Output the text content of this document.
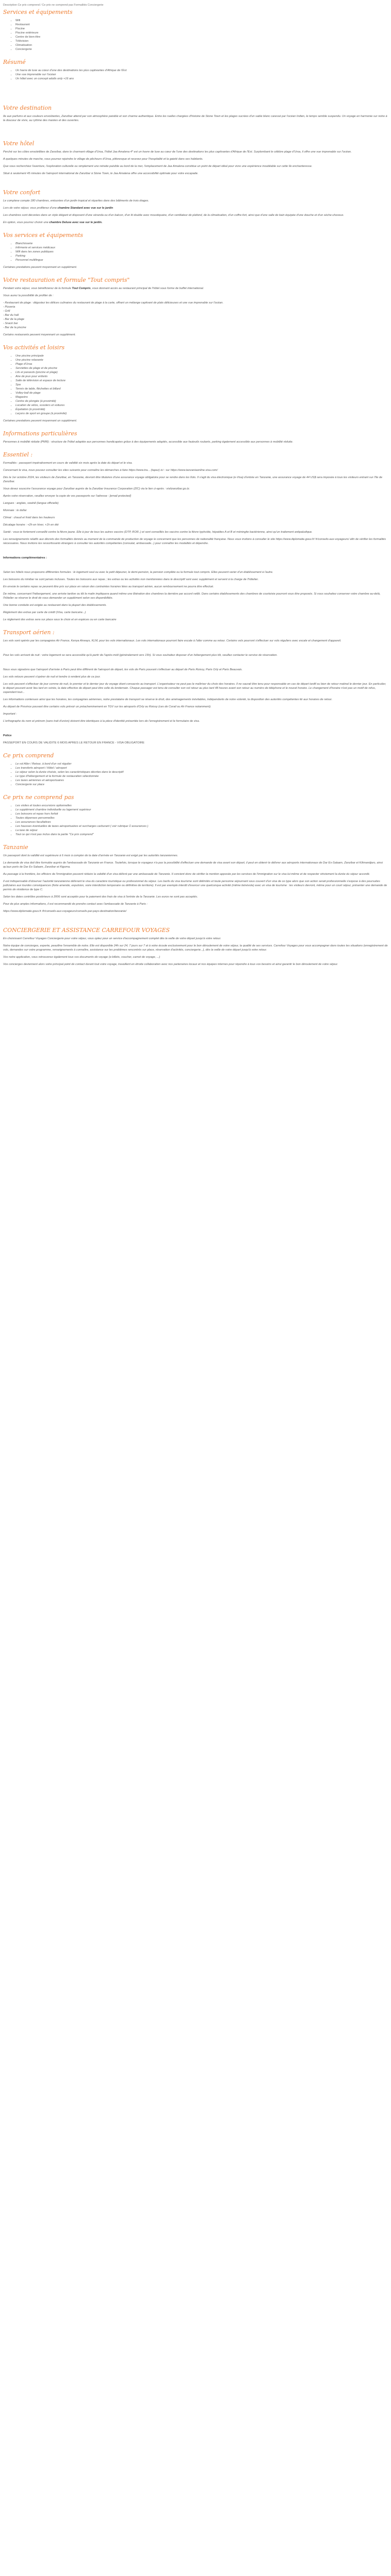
Description Ce prix comprend / Ce prix ne comprend pas Formalités Conciergerie

Services et équipements
• Wifi
• Restaurant
• Piscine
• Piscine extérieure
• Centre de bien-être
• Télévision
• Climatisation
• Conciergerie
Résumé
• Un havre de luxe au cœur d'une des destinations les plus captivantes d'Afrique de l'Est
• Une vue imprenable sur l'océan
• Un hôtel avec un concept adults only +16 ans
Votre destination

Ile aux parfums et aux couleurs envoûtantes, Zanzibar attend par son atmosphère paisible et son charme authentique. Entre les ruelles chargées d'histoire de Stone Town et les plages sucrées d'un sable blanc caressé par l'océan Indien, le temps semble suspendu. Un voyage en harmonie sur notre à la douceur de vivre, au rythme des marées et des ouvertes.

Votre hôtel

Perché sur les côtes ensoleillées de Zanzibar, dans le charmant village d'Uroa, l'hôtel Jaa Amalena 4* est un havre de luxe au cœur de l'une des destinations les plus captivantes d'Afrique de l'Est. Surplombant le célèbre plage d'Uroa, il offre une vue imprenable sur l'océan.

A quelques minutes de marche, vous pourrez rejoindre le village de pêcheurs d'Uroa, pittoresque et recevez pour l'hospitalité et la gaieté dans ses habitants.

Que vous recherchiez l'aventure, l'exploration culturelle ou simplement une retraite paisible au bord de la mer, l'emplacement de Jaa Amalena constitue un point de départ idéal pour vivre une expérience inoubliable sur cette île enchanteresse.

Situé à seulement 45 minutes de l'aéroport international de Zanzibar à Stone Town, le Jaa Amalena offre une accessibilité optimale pour votre escapade.

Votre confort

Le complexe compte 180 chambres, entourées d'un jardin tropical et réparties dans des bâtiments de trois étages.

Lors de votre séjour, vous profiterez d'une chambre Standard avec vue sur le jardin

Les chambres sont décorées dans un style élégant et disposent d'une véranda ou d'un balcon, d'un lit double avec moustiquaire, d'un ventilateur de plafond, de la climatisation, d'un coffre-fort, ainsi que d'une salle de bain équipée d'une douche et d'un sèche-cheveux.

En option, vous pourrez choisir une chambre Deluxe avec vue sur le jardin.

Vos services et équipements
• Blanchisserie
• Infirmerie et services médicaux
• Wifi dans les zones publiques
• Parking
• Personnel multilingue

Certaines prestations peuvent moyennant un supplément.

Votre restauration et formule "Tout compris"

Pendant votre séjour, vous bénéficierez de la formule Tout Compris, vous donnant accès au restaurant principal de l'hôtel sous forme de buffet international.

Vous aurez la possibilité de profiter de :

- Restaurant de plage : dégustez les délices culinaires du restaurant de plage à la carte, offrant un mélange captivant de plats délicieuses et une vue imprenable sur l'océan.
- Pizzeria
- Grill
- Bar du hall
- Bar de la plage
- Snack bar
- Bar de la piscine

Certains restaurants peuvent moyennant un supplément.

Vos activités et loisirs
• Une piscine principale
• Une piscine relaxante
• Plage d'Uroa
• Serviettes de plage et de piscine
• Lits et parasols (piscine et plage)
• Aire de jeux pour enfants
• Salle de télévision et espace de lecture
• Spa
• Tennis de table, fléchettes et billard
• Volley-ball de plage
• Magasins
• Centre de plongée (à proximité)
• Location de vélos, scooters et voitures
• Équitation (à proximité)
• Leçons de sport en groupe (à proximité)

Certaines prestations peuvent moyennant un supplément.

Informations particulières

Personnes à mobilité réduite (PMR) : structure de l'hôtel adaptée aux personnes handicapées grâce à des équipements adaptés, accessible aux fauteuils roulants, parking également accessible aux personnes à mobilité réduite.

Essentiel :

Formalités : passeport impérativement en cours de validité six mois après la date du départ et le visa.

Concernant le visa, nous pouvez consulter les sites suivants pour connaître les démarches à faire https://www.tra... (tapez) ici : sur https://www.tanzaniaonline.visa.com/

Dès le 1er octobre 2024, les visiteurs de Zanzibar, en Tanzanie, devront être titulaires d'une assurance voyage obligatoire pour se rendre dans les îlots. Il s'agit du visa électronique (e-Visa) d'entrée en Tanzanie, une assurance voyage de 44 US$ sera imposée à tous les visiteurs entrant sur l'île de Zanzibar.

Vous devez souscrire l'assurance voyage pour Zanzibar auprès de la Zanzibar Insurance Corporation (ZIC) via le lien ci-après : visitzanzibar.go.tz.

Après votre réservation, veuillez envoyer la copie de vos passeports sur l'adresse : [email protected]

Langues : anglais, swahili (langue officielle)

Monnaie : le dollar

Climat : chaud et froid dans les hauteurs

Décalage horaire : +2h en hiver, +1h en été

Santé : vous-ie fortement conseillé contre la fièvre jaune. Elle à jour de tous les autres vaccins (DTP, ROR..) et sont conseillés les vaccins contre la fièvre typhoïde, hépatites A et B et méningite bactérienne, ainsi qu'un traitement antipaludique.

Les renseignements relatifs aux décrets des formalités donnés au moment de la commande de production de voyage le concernent que les personnes de nationalité française. Nous vous invitons à consulter le site https://www.diplomatie.gouv.fr/ fr/conseils-aux-voyageurs/ afin de vérifier les formalités nécessaires. Nous invitons les ressortissants étrangers à consulter les autorités compétentes (consulat, ambassade...) pour connaître les modalités et dépendre.

Informations complémentaires :

Selon les hôtels nous proposons différentes formules : le logement seul ou avec le petit déjeuner, le demi-pension, la pension complète ou la formule tout compris. Elles peuvent varier d'un établissement à l'autre.

Les boissons du minibar ne sont jamais incluses. Toutes les boissons aux repas ; les extras ou les activités non mentionnées dans le descriptif sont avec supplément et servent à la charge de l'hôtelier.

En envoie le certains repas se peuvent être pris sur place en raison des contraintes horaires liées au transport aérien, aucun remboursement ne pourra être effectué.

De même, concernant l'hébergement, une arrivée tardive ou tôt le matin impliquera quand même une libération des chambres la dernière par accord veillé. Dans certains établissements des chambres de courtoisie pourront vous être proposés. Si vous souhaitez conserver votre chambre au-delà, l'hôtelier se réserve le droit de vous demander un supplément selon ses disponibilités.

Une bonne conduite est exigée au restaurant dans la plupart des établissements.

Règlement des extras par carte de crédit (Visa, carte bancaire...)

Le règlement des extras sera sur place sous le choix et en espèces ou en carte bancaire

Transport aérien :

Les vols sont opérés par les compagnies Air France, Kenya Airways, KLM, pour les vols internationaux. Les vols internationaux pourront faire escale à l'aller comme au retour. Certains vols pourront s'effectuer sur vols réguliers avec escale et changement d'appareil.

Pour les vols arrivant de nuit : votre logement se sera accessible qu'à partir de l'après-midi (généralement vers 15h). Si vous souhaitez disposer d'un hébergement plus tôt, veuillez contacter le service de réservation.

Nous vous signalons que l'aéroport d'arrivée à Paris peut être différent de l'aéroport de départ, les vols de Paris pouvant s'effectuer au départ de Paris Roissy, Paris Orly et Paris Beauvais.

Les vols retours peuvent s'opérer de nuit et tendre à rendent plus de ce jour.

Les vols peuvent s'effectuer de jour comme de nuit, le premier et le dernier jour du voyage étant consacrés au transport. L'organisateur ne peut pas le maîtriser du choix des horaires. Il ne saurait être tenu pour responsable en cas de départ tardif ou bien de retour matinal le dernier jour. En particulier, le départ pouvant avoir lieu tard en soirée, la date effective de départ peut être celle du lendemain. Chaque passager est tenu de consulter son vol retour au plus tard 48 heures avant son retour au numéro de téléphone et le nouvel horaire. Le changement d'horaire n'est pas un motif de refus, cependant tout...

Les informations contenues ainsi que les horaires, les compagnies aériennes, notre prestataire de transport se réserve le droit, des aménagements inévitables, indépendants de notre volonté, la disposition des autorités compétentes lié aux horaires de retour.

Au départ de Province pouvant être certains vols prévoir un préacheminement en TGV sur les aéroports d'Orly ou Roissy (ces de Corail ou Air France notamment).

Important :

L'orthographe du nom et prénom (sans trait d'union) doivent être identiques à la pièce d'identité présentée lors de l'enregistrement et le formulaire de visa.

Police

PASSEPORT EN COURS DE VALIDITE 6 MOIS APRES LE RETOUR EN FRANCE - VISA OBLIGATOIRE

Ce prix comprend
• Le vol Aller / Retour, à bord d'un vol régulier
• Les transferts aéroport / Hôtel / aéroport
• Le séjour selon la durée choisie, selon les caractéristiques décrites dans le descriptif
• Le type d'hébergement et la formule de restauration sélectionnée
• Les taxes aériennes et aéroportuaires
• Conciergerie sur place
Ce prix ne comprend pas
• Les visites et toutes excursions optionnelles
• Le supplément chambre individuelle ou logement supérieur
• Les boissons et repas hors forfait
• Toutes dépenses personnelles
• Les assurances facultatives
• Les hausses éventuelles de taxes aéroportuaires et surcharges carburant ( voir rubrique Ù assurances )
• La taxe de séjour
• Tout ce qui n'est pas inclus dans la partie "Ce prix comprend"
Tanzanie

Un passeport dont la validité est supérieure à 6 mois à compter de la date d'arrivée en Tanzanie est exigé par les autorités tanzaniennes.

La demande de visa doit être formulée auprès de l'ambassade de Tanzanie en France. Toutefois, lorsque le voyageur n'a pas la possibilité d'effectuer une demande de visa avant son départ, il peut en obtenir le délivrer aux aéroports internationaux de Dar Es-Salaam, Zanzibar et Kilimandjaro, ainsi qu'aux ports de Dar Es-Salaam, Zanzibar et Kigoma.

Au passage à la frontière, les officiers de l'immigration peuvent réduire la validité d'un visa délivré par une ambassade de Tanzanie. Il convient donc de vérifier la mention apposée par les services de l'immigration sur le visa lui-même et de respecter strictement la durée du séjour accordé.

Il est indispensable d'observer l'autorité tanzanienne délivrant le visa du caractère touristique ou professionnel du séjour. Les barils du visa tourisme sont délimités et toute personne séjournant sous couvert d'un visa de ce type alors que son action serait professionnelle s'expose à des poursuites judiciaires aux lourdes conséquences (forte amende, expulsion, voire interdiction temporaire ou définitive de territoire). Il est par exemple interdit d'exercer une quelconque activité (même bénévole) avec un visa de tourisme : les visiteurs devront, même pour un court séjour, présenter une demande de permis de résidence de type C.

Selon les dates contrôles postérieurs à 2006 sont acceptés pour le paiement des frais de visa à l'entrée de la Tanzanie. Les euros ne sont pas acceptés.

Pour de plus amples informations, il est recommandé de prendre contact avec l'ambassade de Tanzanie à Paris :

https://www.diplomatie.gouv.fr /fr/conseils-aux-voyageurs/conseils-par-pays-destination/tanzanie/

CONCIERGERIE ET ASSISTANCE CARREFOUR VOYAGES

En choisissant Carrefour Voyages Conciergerie pour votre séjour, vous optez pour un service d'accompagnement complet dès la veille de votre départ jusqu'à votre retour.

Notre équipe de concierges, experte, peaufine l'ensemble de notre. Elle est disponible 24h sur 24, 7 jours sur 7 et à votre écoute exclusivement pour le bon déroulement de votre séjour, la qualité de ses services. Carrefour Voyages pour vous accompagner dans toutes les situations (enregistrement de vols, demandes sur votre programme, renseignements à connaître, assistance sur les problèmes rencontrés sur place, réservation d'activités, conciergerie...), dès la veille de votre départ jusqu'à votre retour.

Vos notre application, vous retrouverez également tous vos documents de voyage (e-billets, voucher, carnet de voyage, ...)

Vos concierges deviennent alors votre principal point de contact durant tout votre voyage, travaillent en étroite collaboration avec nos partenaires locaux et nos équipes internes pour répondre à tous vos besoins et ainsi garantir le bon déroulement de votre séjour.
